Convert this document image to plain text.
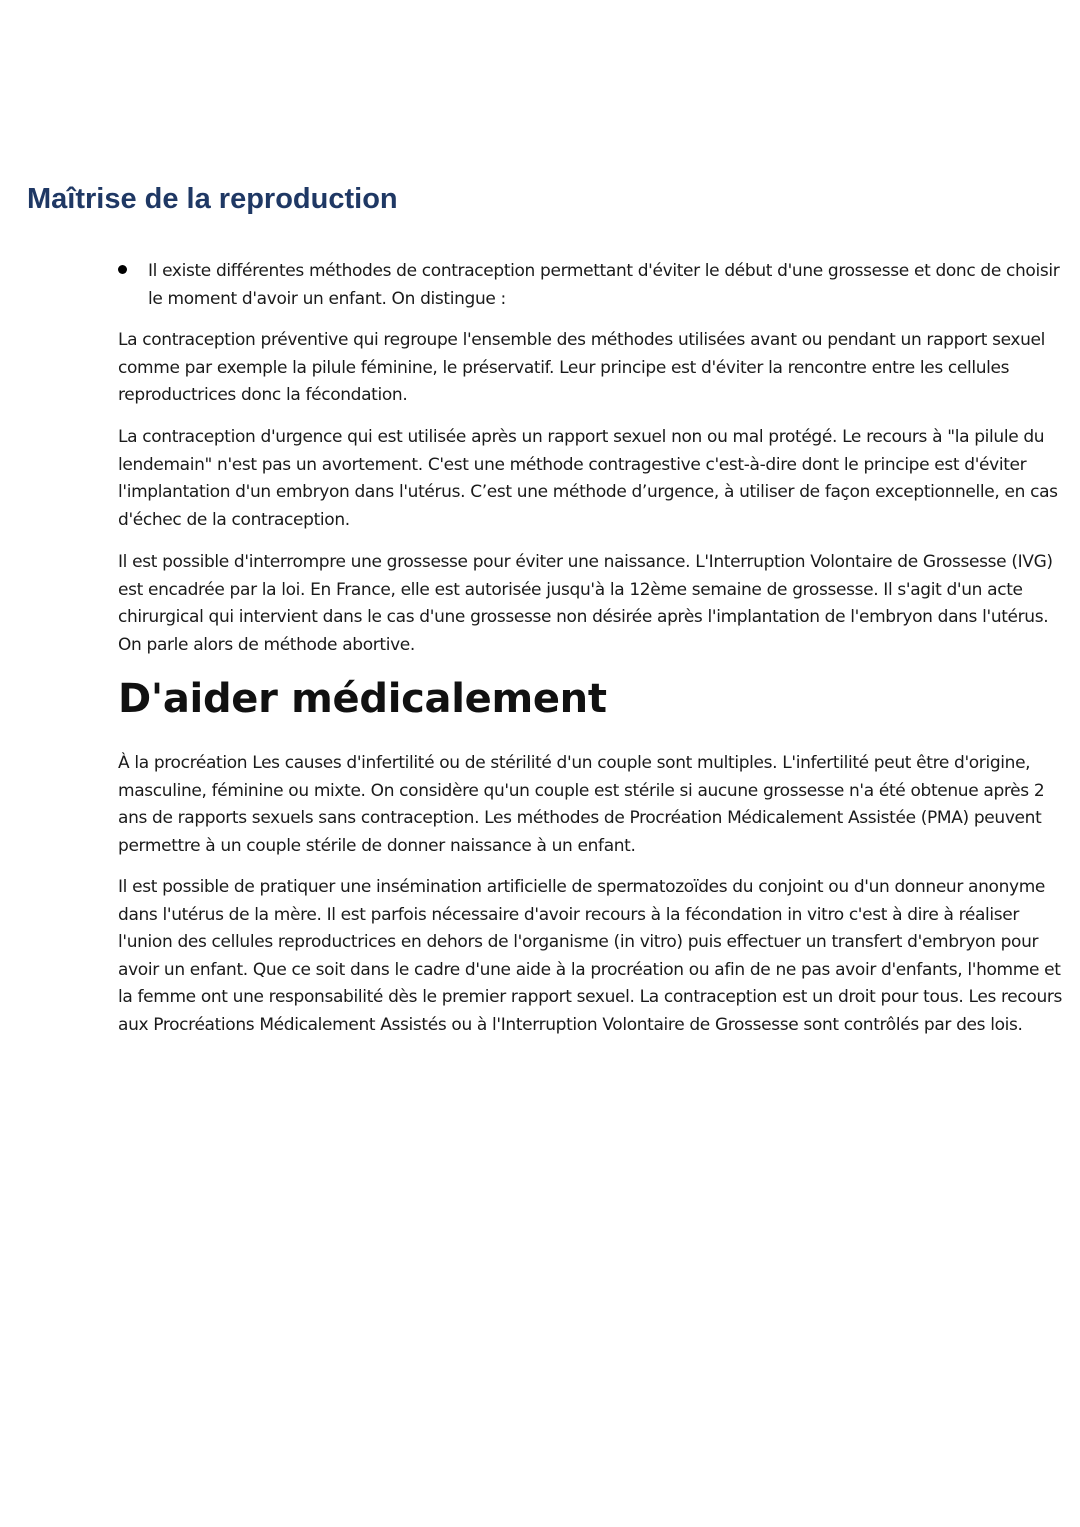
Maîtrise de la reproduction
Il existe différentes méthodes de contraception permettant d'éviter le début d'une grossesse et donc de choisir le moment d'avoir un enfant. On distingue :

La contraception préventive qui regroupe l'ensemble des méthodes utilisées avant ou pendant un rapport sexuel comme par exemple la pilule féminine, le préservatif. Leur principe est d'éviter la rencontre entre les cellules reproductrices donc la fécondation.

La contraception d'urgence qui est utilisée après un rapport sexuel non ou mal protégé. Le recours à "la pilule du lendemain" n'est pas un avortement. C'est une méthode contragestive c'est-à-dire dont le principe est d'éviter l'implantation d'un embryon dans l'utérus. C’est une méthode d’urgence, à utiliser de façon exceptionnelle, en cas d'échec de la contraception.

Il est possible d'interrompre une grossesse pour éviter une naissance. L'Interruption Volontaire de Grossesse (IVG) est encadrée par la loi. En France, elle est autorisée jusqu'à la 12ème semaine de grossesse. Il s'agit d'un acte chirurgical qui intervient dans le cas d'une grossesse non désirée après l'implantation de l'embryon dans l'utérus. On parle alors de méthode abortive.

D'aider médicalement

À la procréation Les causes d'infertilité ou de stérilité d'un couple sont multiples. L'infertilité peut être d'origine, masculine, féminine ou mixte. On considère qu'un couple est stérile si aucune grossesse n'a été obtenue après 2 ans de rapports sexuels sans contraception. Les méthodes de Procréation Médicalement Assistée (PMA) peuvent permettre à un couple stérile de donner naissance à un enfant.

Il est possible de pratiquer une insémination artificielle de spermatozoïdes du conjoint ou d'un donneur anonyme dans l'utérus de la mère. Il est parfois nécessaire d'avoir recours à la fécondation in vitro c'est à dire à réaliser l'union des cellules reproductrices en dehors de l'organisme (in vitro) puis effectuer un transfert d'embryon pour avoir un enfant. Que ce soit dans le cadre d'une aide à la procréation ou afin de ne pas avoir d'enfants, l'homme et la femme ont une responsabilité dès le premier rapport sexuel. La contraception est un droit pour tous. Les recours aux Procréations Médicalement Assistés ou à l'Interruption Volontaire de Grossesse sont contrôlés par des lois.
